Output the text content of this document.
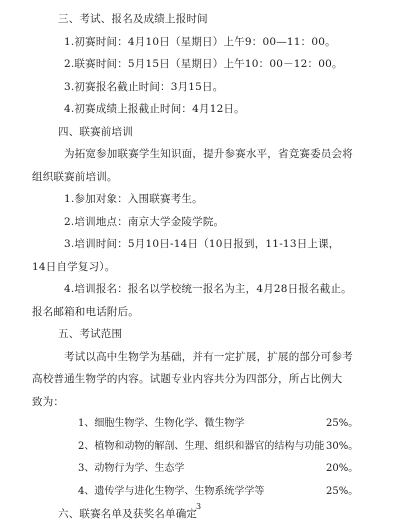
三、考试、报名及成绩上报时间
1.初赛时间：4月10日（星期日）上午9：00—11：00。
2.联赛时间：5月15日（星期日）上午10：00－12：00。
3.初赛报名截止时间：3月15日。
4.初赛成绩上报截止时间：4月12日。
四、联赛前培训
为拓宽参加联赛学生知识面，提升参赛水平，省竞赛委员会将
组织联赛前培训。
1.参加对象：入围联赛考生。
2.培训地点：南京大学金陵学院。
3.培训时间：5月10日-14日（10日报到，11-13日上课，
14日自学复习）。
4.培训报名：报名以学校统一报名为主，4月28日报名截止。
报名邮箱和电话附后。
五、考试范围
考试以高中生物学为基础，并有一定扩展，扩展的部分可参考
高校普通生物学的内容。试题专业内容共分为四部分，所占比例大
致为：
3
1、细胞生物学、生物化学、微生物学	25%。
2、植物和动物的解剖、生理、组织和器官的结构与功能 30%。
3、动物行为学、生态学	20%。
4、遗传学与进化生物学、生物系统学学等	25%。
六、联赛名单及获奖名单确定
